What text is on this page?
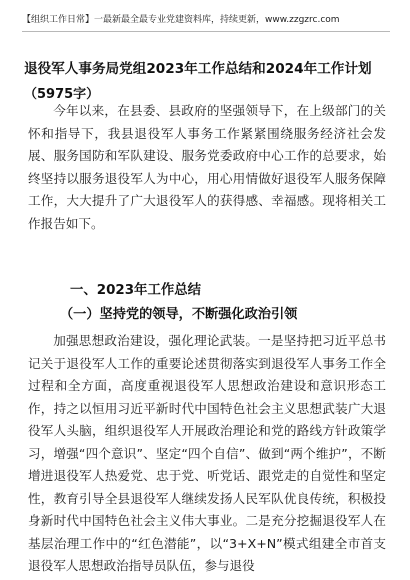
【组织工作日常】一最新最全最专业党建资料库，持续更新，www.zzgzrc.com
退役军人事务局党组2023年工作总结和2024年工作计划
（5975字）
今年以来，在县委、县政府的坚强领导下，在上级部门的关怀和指导下，我县退役军人事务工作紧紧围绕服务经济社会发展、服务国防和军队建设、服务党委政府中心工作的总要求，始终坚持以服务退役军人为中心，用心用情做好退役军人服务保障工作，大大提升了广大退役军人的获得感、幸福感。现将相关工作报告如下。
一、2023年工作总结
（一）坚持党的领导，不断强化政治引领
加强思想政治建设，强化理论武装。一是坚持把习近平总书记关于退役军人工作的重要论述贯彻落实到退役军人事务工作全过程和全方面，高度重视退役军人思想政治建设和意识形态工作，持之以恒用习近平新时代中国特色社会主义思想武装广大退役军人头脑，组织退役军人开展政治理论和党的路线方针政策学习，增强“四个意识”、坚定“四个自信”、做到“两个维护”，不断增进退役军人热爱党、忠于党、听党话、跟党走的自觉性和坚定性，教育引导全县退役军人继续发扬人民军队优良传统，积极投身新时代中国特色社会主义伟大事业。二是充分挖掘退役军人在基层治理工作中的“红色潜能”，以“3+X+N”模式组建全市首支退役军人思想政治指导员队伍，参与退役
